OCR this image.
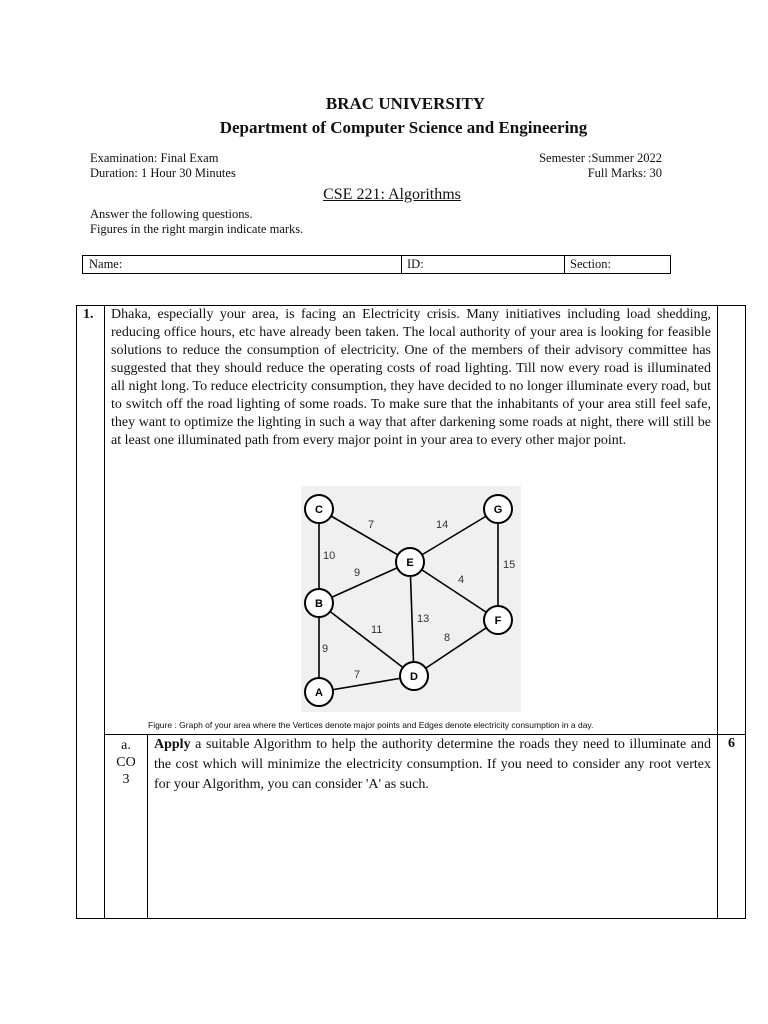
BRAC UNIVERSITY
Department of Computer Science and Engineering
Examination: Final Exam
Duration: 1 Hour 30 Minutes
Semester :Summer 2022
Full Marks: 30
CSE 221: Algorithms
Answer the following questions.
Figures in the right margin indicate marks.
Name:	ID:	Section:
1. Dhaka, especially your area, is facing an Electricity crisis. Many initiatives including load shedding, reducing office hours, etc have already been taken. The local authority of your area is looking for feasible solutions to reduce the consumption of electricity. One of the members of their advisory committee has suggested that they should reduce the operating costs of road lighting. Till now every road is illuminated all night long. To reduce electricity consumption, they have decided to no longer illuminate every road, but to switch off the road lighting of some roads. To make sure that the inhabitants of your area still feel safe, they want to optimize the lighting in such a way that after darkening some roads at night, there will still be at least one illuminated path from every major point in your area to every other major point.
7	14
10
9
15
4
13
11
8
9
7
C	G
E
B
F
D
A
Figure : Graph of your area where the Vertices denote major points and Edges denote electricity consumption in a day.
a.
CO
3
Apply a suitable Algorithm to help the authority determine the roads they need to illuminate and the cost which will minimize the electricity consumption. If you need to consider any root vertex for your Algorithm, you can consider 'A' as such.
6
